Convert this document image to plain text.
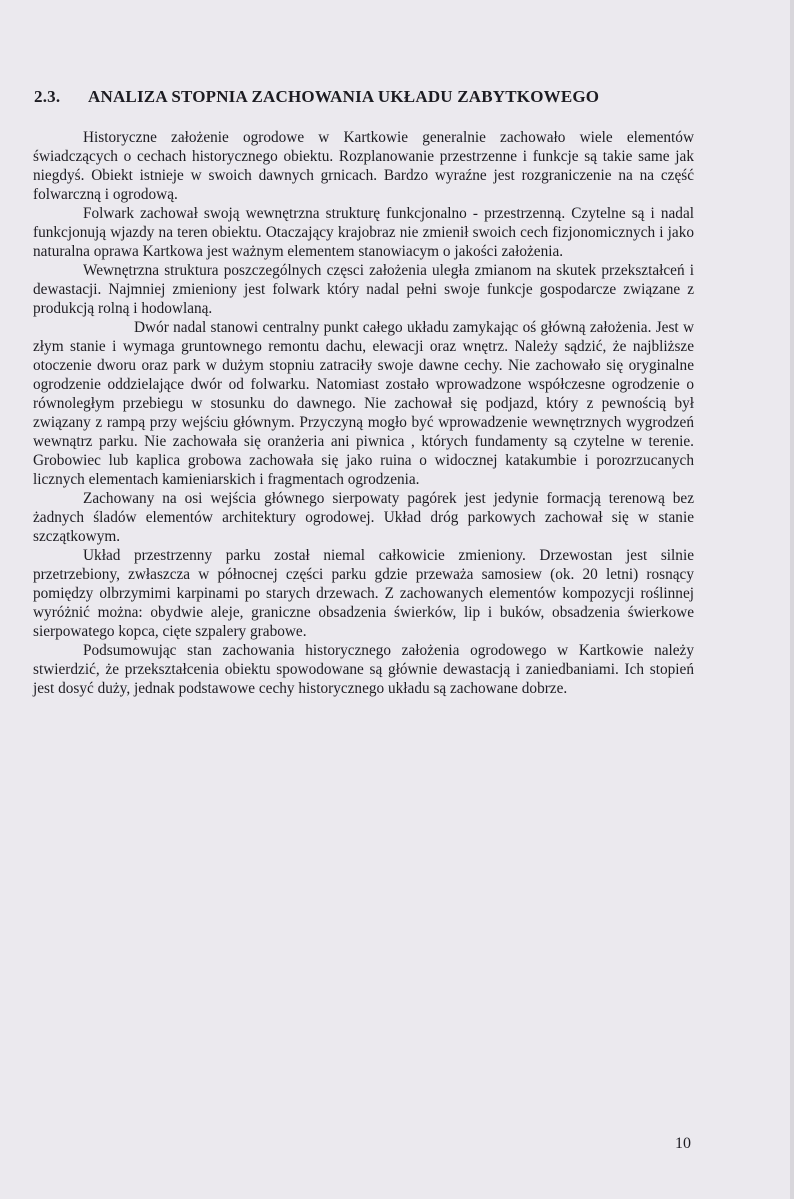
2.3. ANALIZA STOPNIA ZACHOWANIA UKŁADU ZABYTKOWEGO

Historyczne założenie ogrodowe w Kartkowie generalnie zachowało wiele elementów świadczących o cechach historycznego obiektu. Rozplanowanie przestrzenne i funkcje są takie same jak niegdyś. Obiekt istnieje w swoich dawnych grnicach. Bardzo wyraźne jest rozgraniczenie na na część folwarczną i ogrodową.

Folwark zachował swoją wewnętrzna strukturę funkcjonalno - przestrzenną. Czytelne są i nadal funkcjonują wjazdy na teren obiektu. Otaczający krajobraz nie zmienił swoich cech fizjonomicznych i jako naturalna oprawa Kartkowa jest ważnym elementem stanowiacym o jakości założenia.

Wewnętrzna struktura poszczególnych częsci założenia uległa zmianom na skutek przekształceń i dewastacji. Najmniej zmieniony jest folwark który nadal pełni swoje funkcje gospodarcze związane z produkcją rolną i hodowlaną.

Dwór nadal stanowi centralny punkt całego układu zamykając oś główną założenia. Jest w złym stanie i wymaga gruntownego remontu dachu, elewacji oraz wnętrz. Należy sądzić, że najbliższe otoczenie dworu oraz park w dużym stopniu zatraciły swoje dawne cechy. Nie zachowało się oryginalne ogrodzenie oddzielające dwór od folwarku. Natomiast zostało wprowadzone współczesne ogrodzenie o równoległym przebiegu w stosunku do dawnego. Nie zachował się podjazd, który z pewnością był związany z rampą przy wejściu głównym. Przyczyną mogło być wprowadzenie wewnętrznych wygrodzeń wewnątrz parku. Nie zachowała się oranżeria ani piwnica , których fundamenty są czytelne w terenie. Grobowiec lub kaplica grobowa zachowała się jako ruina o widocznej katakumbie i porozrzucanych licznych elementach kamieniarskich i fragmentach ogrodzenia.

Zachowany na osi wejścia głównego sierpowaty pagórek jest jedynie formacją terenową bez żadnych śladów elementów architektury ogrodowej. Układ dróg parkowych zachował się w stanie szczątkowym.

Układ przestrzenny parku został niemal całkowicie zmieniony. Drzewostan jest silnie przetrzebiony, zwłaszcza w północnej części parku gdzie przeważa samosiew (ok. 20 letni) rosnący pomiędzy olbrzymimi karpinami po starych drzewach. Z zachowanych elementów kompozycji roślinnej wyróżnić można: obydwie aleje, graniczne obsadzenia świerków, lip i buków, obsadzenia świerkowe sierpowatego kopca, cięte szpalery grabowe.

Podsumowując stan zachowania historycznego założenia ogrodowego w Kartkowie należy stwierdzić, że przekształcenia obiektu spowodowane są głównie dewastacją i zaniedbaniami. Ich stopień jest dosyć duży, jednak podstawowe cechy historycznego układu są zachowane dobrze.

10
